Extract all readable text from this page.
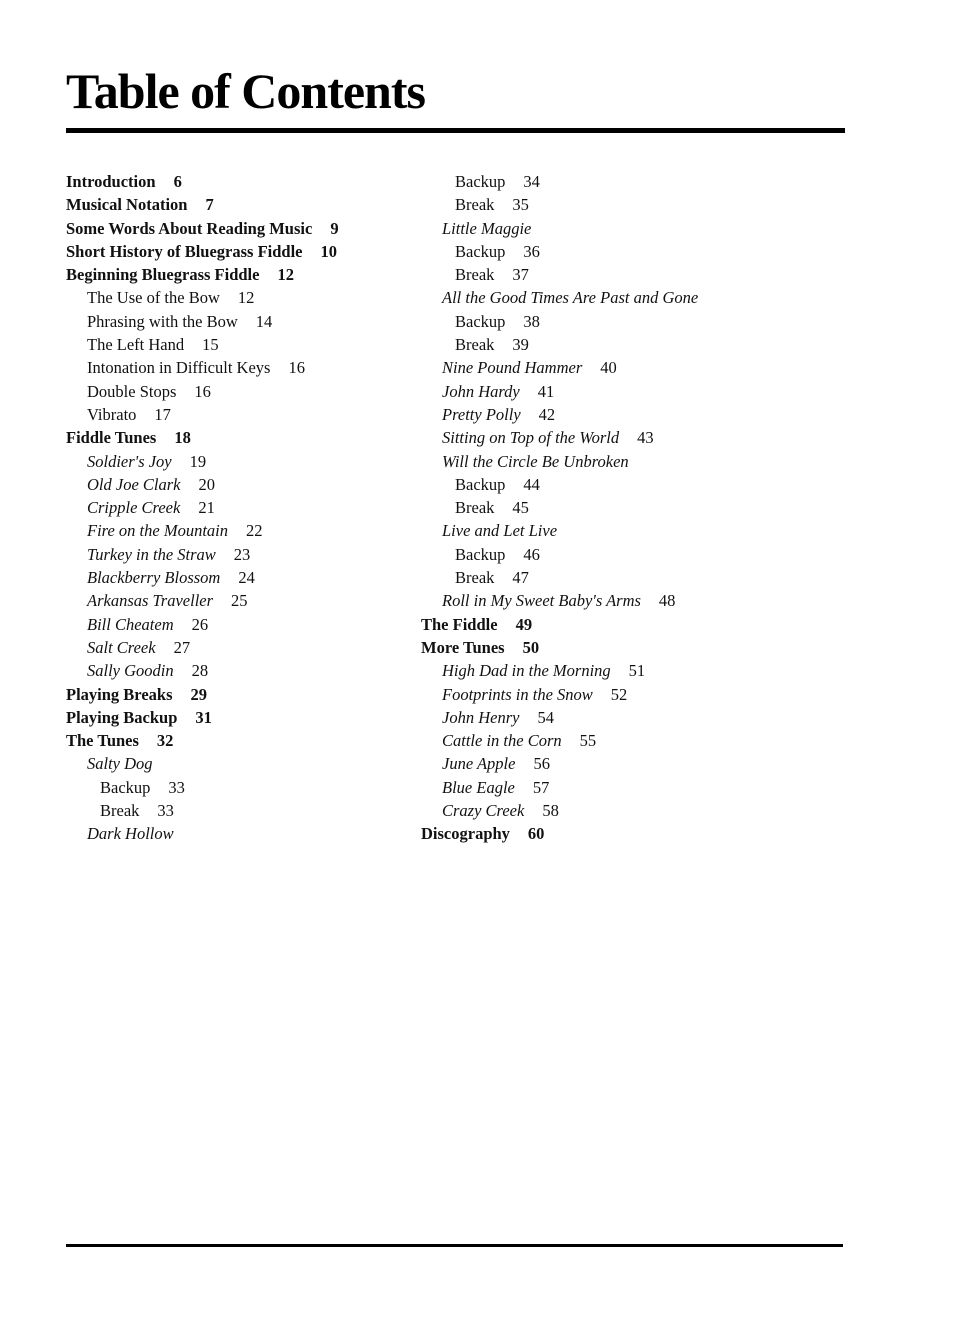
Table of Contents
Introduction 6
Musical Notation 7
Some Words About Reading Music 9
Short History of Bluegrass Fiddle 10
Beginning Bluegrass Fiddle 12
The Use of the Bow 12
Phrasing with the Bow 14
The Left Hand 15
Intonation in Difficult Keys 16
Double Stops 16
Vibrato 17
Fiddle Tunes 18
Soldier's Joy 19
Old Joe Clark 20
Cripple Creek 21
Fire on the Mountain 22
Turkey in the Straw 23
Blackberry Blossom 24
Arkansas Traveller 25
Bill Cheatem 26
Salt Creek 27
Sally Goodin 28
Playing Breaks 29
Playing Backup 31
The Tunes 32
Salty Dog
Backup 33
Break 33
Dark Hollow
Backup 34
Break 35
Little Maggie
Backup 36
Break 37
All the Good Times Are Past and Gone
Backup 38
Break 39
Nine Pound Hammer 40
John Hardy 41
Pretty Polly 42
Sitting on Top of the World 43
Will the Circle Be Unbroken
Backup 44
Break 45
Live and Let Live
Backup 46
Break 47
Roll in My Sweet Baby's Arms 48
The Fiddle 49
More Tunes 50
High Dad in the Morning 51
Footprints in the Snow 52
John Henry 54
Cattle in the Corn 55
June Apple 56
Blue Eagle 57
Crazy Creek 58
Discography 60
